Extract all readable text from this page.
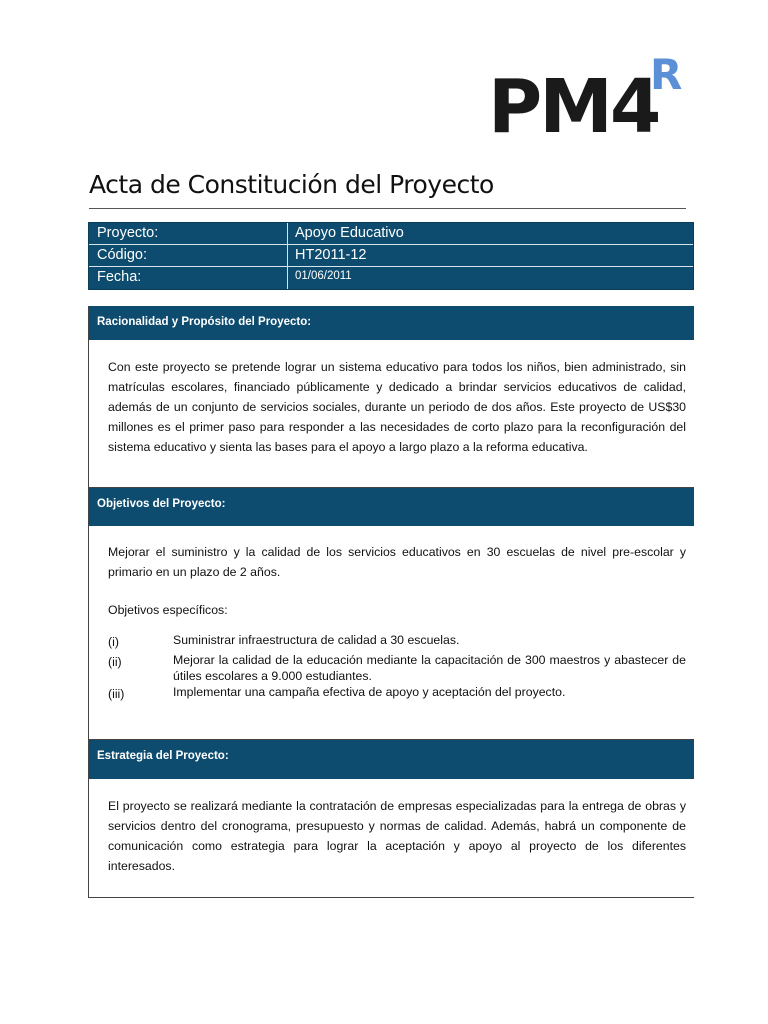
PM4
R
Acta de Constitución del Proyecto
Proyecto:	Apoyo Educativo
Código:	HT2011-12
Fecha:	01/06/2011
Racionalidad y Propósito del Proyecto:

Con este proyecto se pretende lograr un sistema educativo para todos los niños, bien administrado, sin matrículas escolares, financiado públicamente y dedicado a brindar servicios educativos de calidad, además de un conjunto de servicios sociales, durante un periodo de dos años. Este proyecto de US$30 millones es el primer paso para responder a las necesidades de corto plazo para la reconfiguración del sistema educativo y sienta las bases para el apoyo a largo plazo a la reforma educativa.

Objetivos del Proyecto:

Mejorar el suministro y la calidad de los servicios educativos en 30 escuelas de nivel pre-escolar y primario en un plazo de 2 años.

Objetivos específicos:

(i)	Suministrar infraestructura de calidad a 30 escuelas.
(ii)	Mejorar la calidad de la educación mediante la capacitación de 300 maestros y abastecer de útiles escolares a 9.000 estudiantes.
(iii)	Implementar una campaña efectiva de apoyo y aceptación del proyecto.
Estrategia del Proyecto:

El proyecto se realizará mediante la contratación de empresas especializadas para la entrega de obras y servicios dentro del cronograma, presupuesto y normas de calidad. Además, habrá un componente de comunicación como estrategia para lograr la aceptación y apoyo al proyecto de los diferentes interesados.
